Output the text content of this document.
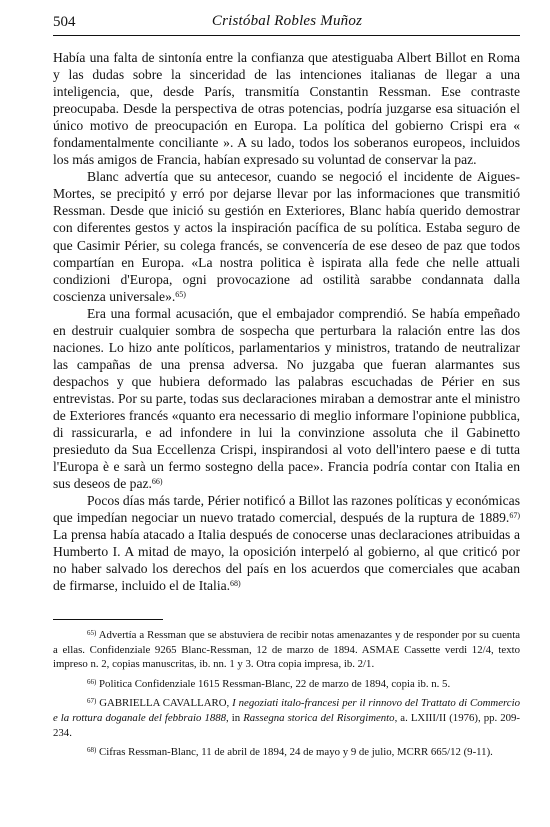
504	Cristóbal Robles Muñoz

Había una falta de sintonía entre la confianza que atestiguaba Albert Billot en Roma y las dudas sobre la sinceridad de las intenciones italianas de llegar a una inteligencia, que, desde París, transmitía Constantin Ressman. Ese contraste preocupaba. Desde la perspectiva de otras potencias, podría juzgarse esa situación el único motivo de preocupación en Europa. La política del gobierno Crispi era « fondamentalmente conciliante ». A su lado, todos los soberanos europeos, incluidos los más amigos de Francia, habían expresado su voluntad de conservar la paz.

Blanc advertía que su antecesor, cuando se negoció el incidente de Aigues-Mortes, se precipitó y erró por dejarse llevar por las informaciones que transmitió Ressman. Desde que inició su gestión en Exteriores, Blanc había querido demostrar con diferentes gestos y actos la inspiración pacífica de su política. Estaba seguro de que Casimir Périer, su colega francés, se convencería de ese deseo de paz que todos compartían en Europa. «La nostra politica è ispirata alla fede che nelle attuali condizioni d'Europa, ogni provocazione ad ostilità sarabbe condannata dalla coscienza universale».$^{65)}$

Era una formal acusación, que el embajador comprendió. Se había empeñado en destruir cualquier sombra de sospecha que perturbara la ralación entre las dos naciones. Lo hizo ante políticos, parlamentarios y ministros, tratando de neutralizar las campañas de una prensa adversa. No juzgaba que fueran alarmantes sus despachos y que hubiera deformado las palabras escuchadas de Périer en sus entrevistas. Por su parte, todas sus declaraciones miraban a demostrar ante el ministro de Exteriores francés «quanto era necessario di meglio informare l'opinione pubblica, di rassicurarla, e ad infondere in lui la convinzione assoluta che il Gabinetto presieduto da Sua Eccellenza Crispi, inspirandosi al voto dell'intero paese e di tutta l'Europa è e sarà un fermo sostegno della pace». Francia podría contar con Italia en sus deseos de paz.$^{66)}$

Pocos días más tarde, Périer notificó a Billot las razones políticas y económicas que impedían negociar un nuevo tratado comercial, después de la ruptura de 1889.$^{67)}$ La prensa había atacado a Italia después de conocerse unas declaraciones atribuidas a Humberto I. A mitad de mayo, la oposición interpeló al gobierno, al que criticó por no haber salvado los derechos del país en los acuerdos que comerciales que acaban de firmarse, incluido el de Italia.$^{68)}$

$^{65)}$ Advertía a Ressman que se abstuviera de recibir notas amenazantes y de responder por su cuenta a ellas. Confidenziale 9265 Blanc-Ressman, 12 de marzo de 1894. ASMAE Cassette verdi 12/4, texto impreso n. 2, copias manuscritas, ib. nn. 1 y 3. Otra copia impresa, ib. 2/1.

$^{66)}$ Politica Confidenziale 1615 Ressman-Blanc, 22 de marzo de 1894, copia ib. n. 5.

$^{67)}$ GABRIELLA CAVALLARO, I negoziati italo-francesi per il rinnovo del Trattato di Commercio e la rottura doganale del febbraio 1888, in Rassegna storica del Risorgimento, a. LXIII/II (1976), pp. 209-234.

$^{68)}$ Cifras Ressman-Blanc, 11 de abril de 1894, 24 de mayo y 9 de julio, MCRR 665/12 (9-11).
